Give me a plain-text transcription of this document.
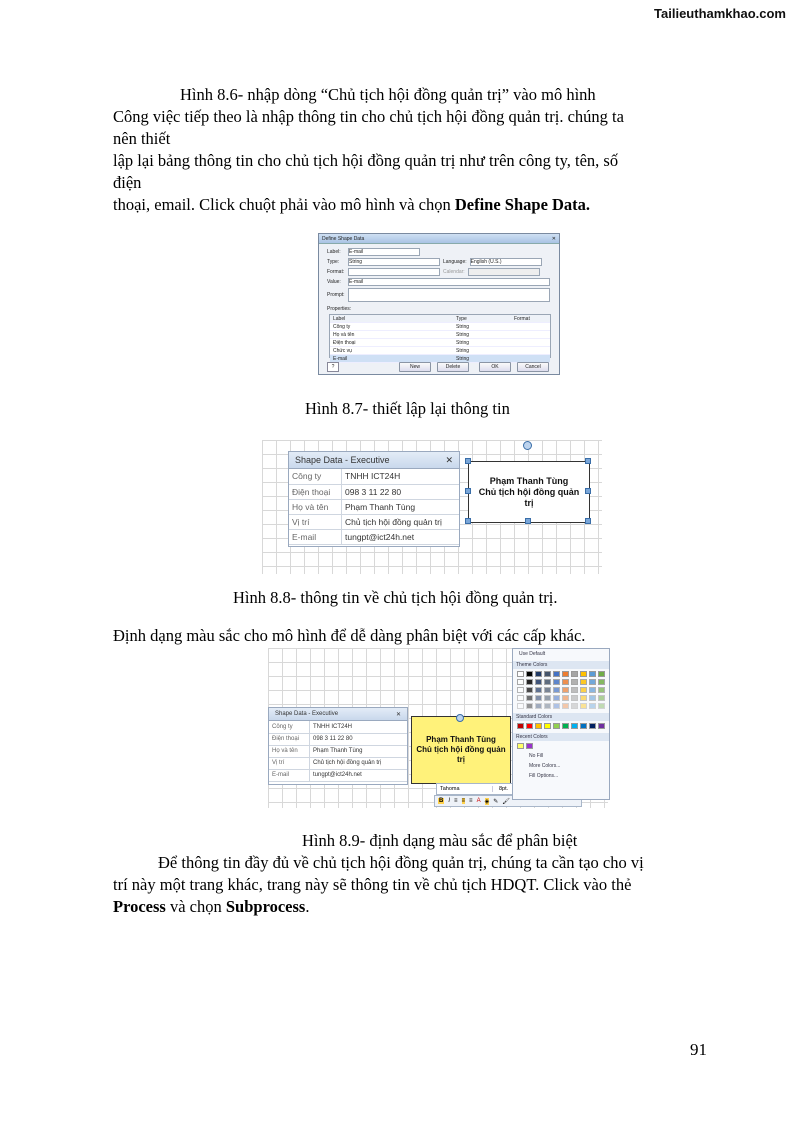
Tailieuthamkhao.com
Hình 8.6- nhập dòng “Chủ tịch hội đồng quản trị” vào mô hình
Công việc tiếp theo là nhập thông tin cho chủ tịch hội đồng quản trị. chúng ta
nên thiết
lập lại bảng thông tin cho chủ tịch hội đồng quản trị như trên công ty, tên, số
điện
thoại, email. Click chuột phải vào mô hình và chọn Define Shape Data.
Define Shape Data	✕
Label:	E-mail
Type:	String	Language: English (U.S.)
Format:	Calendar:
Value:	E-mail
Prompt:
Properties:
Label	Type	Format
Công ty	String
Họ và tên	String
Điện thoại	String
Chức vụ	String
E-mail	String
?	New	Delete	OK	Cancel
Hình 8.7- thiết lập lại thông tin
Shape Data - Executive	✕
Công ty	TNHH ICT24H
Điện thoại	098 3 11 22 80
Họ và tên	Phạm Thanh Tùng
Vị trí	Chủ tịch hội đồng quản trị
E-mail	tungpt@ict24h.net
Phạm Thanh Tùng
Chủ tịch hội đồng quản
trị
Hình 8.8- thông tin về chủ tịch hội đồng quản trị.
Định dạng màu sắc cho mô hình để dễ dàng phân biệt với các cấp khác.
Shape Data - Executive	✕
Công ty	TNHH ICT24H
Điện thoại	098 3 11 22 80
Họ và tên	Phạm Thanh Tùng
Vị trí	Chủ tịch hội đồng quản trị
E-mail	tungpt@ict24h.net
Phạm Thanh Tùng
Chủ tịch hội đồng quản
trị
Tahoma	8pt.
B I ≡ ≡ ≡ A ◈ ✎ 🖌
Use Default
Theme Colors
Standard Colors
Recent Colors
No Fill
More Colors...
Fill Options...
Hình 8.9- định dạng màu sắc để phân biệt
Để thông tin đầy đủ về chủ tịch hội đồng quản trị, chúng ta cần tạo cho vị
trí này một trang khác, trang này sẽ thông tin về chủ tịch HDQT. Click vào thẻ
Process và chọn Subprocess.
91
